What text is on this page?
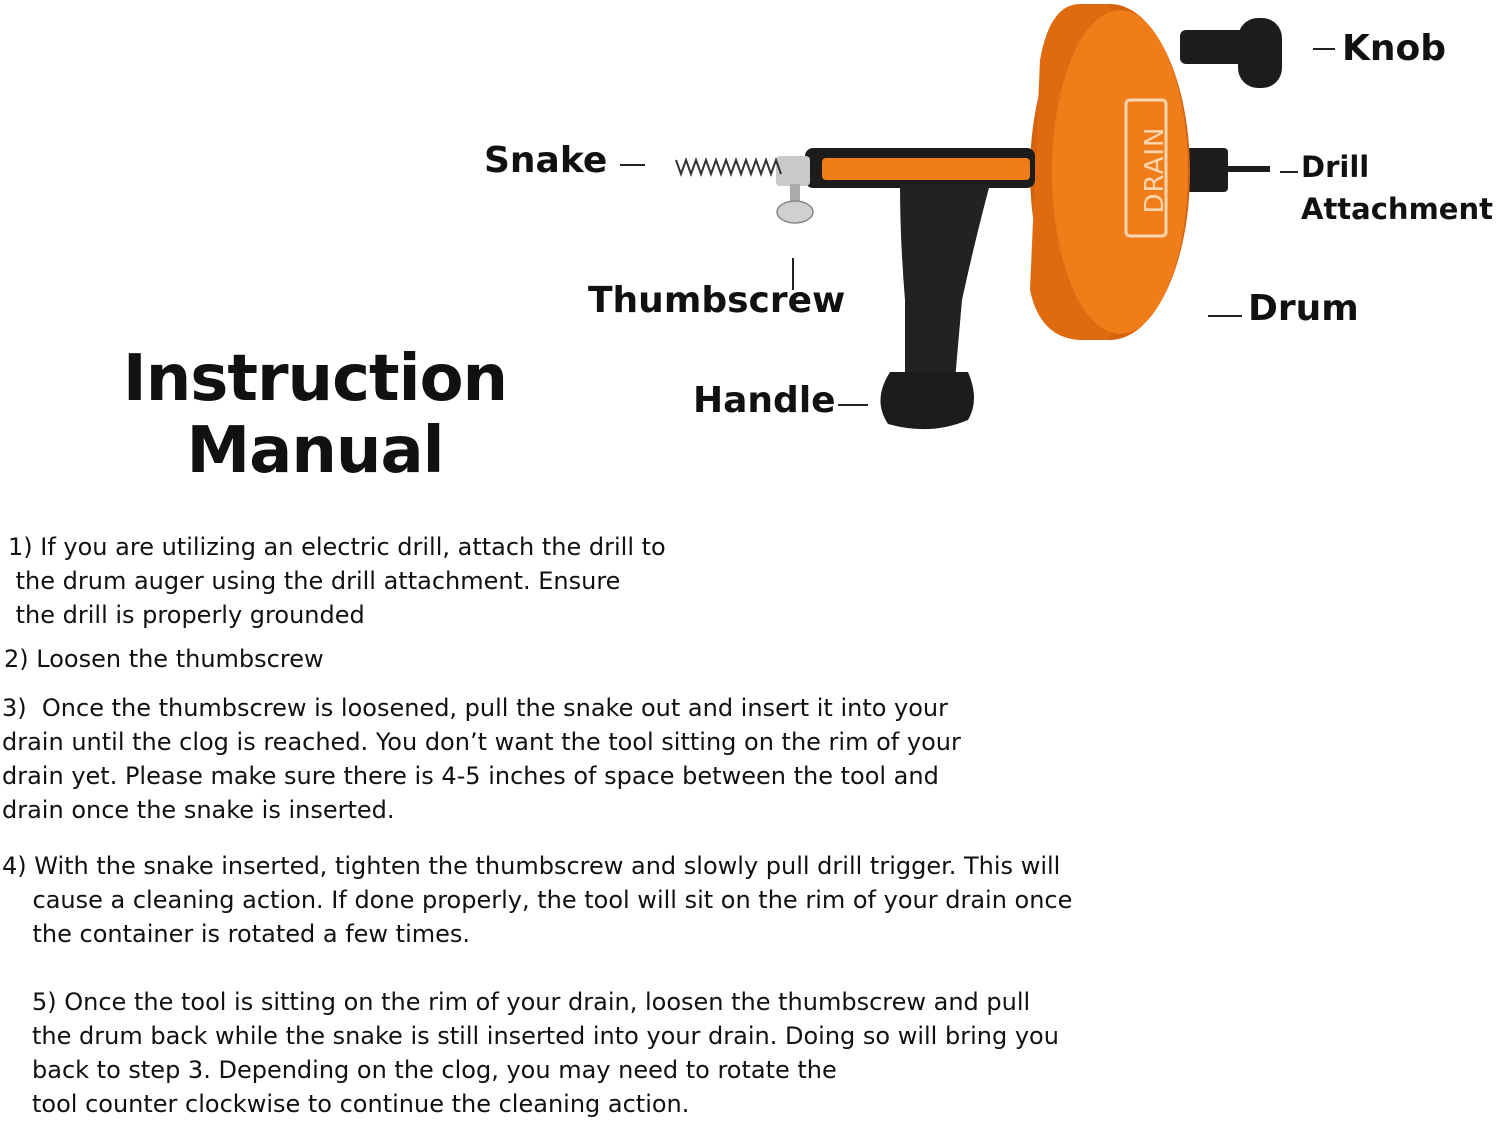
DRAIN
Knob
Snake	Drill
Attachment
Thumbscrew	Drum
Handle
Instruction
Manual
1) If you are utilizing an electric drill, attach the drill to
the drum auger using the drill attachment. Ensure
the drill is properly grounded
2) Loosen the thumbscrew
3)  Once the thumbscrew is loosened, pull the snake out and insert it into your
drain until the clog is reached. You don’t want the tool sitting on the rim of your
drain yet. Please make sure there is 4-5 inches of space between the tool and
drain once the snake is inserted.
4) With the snake inserted, tighten the thumbscrew and slowly pull drill trigger. This will
cause a cleaning action. If done properly, the tool will sit on the rim of your drain once
the container is rotated a few times.
5) Once the tool is sitting on the rim of your drain, loosen the thumbscrew and pull
the drum back while the snake is still inserted into your drain. Doing so will bring you
back to step 3. Depending on the clog, you may need to rotate the
tool counter clockwise to continue the cleaning action.
